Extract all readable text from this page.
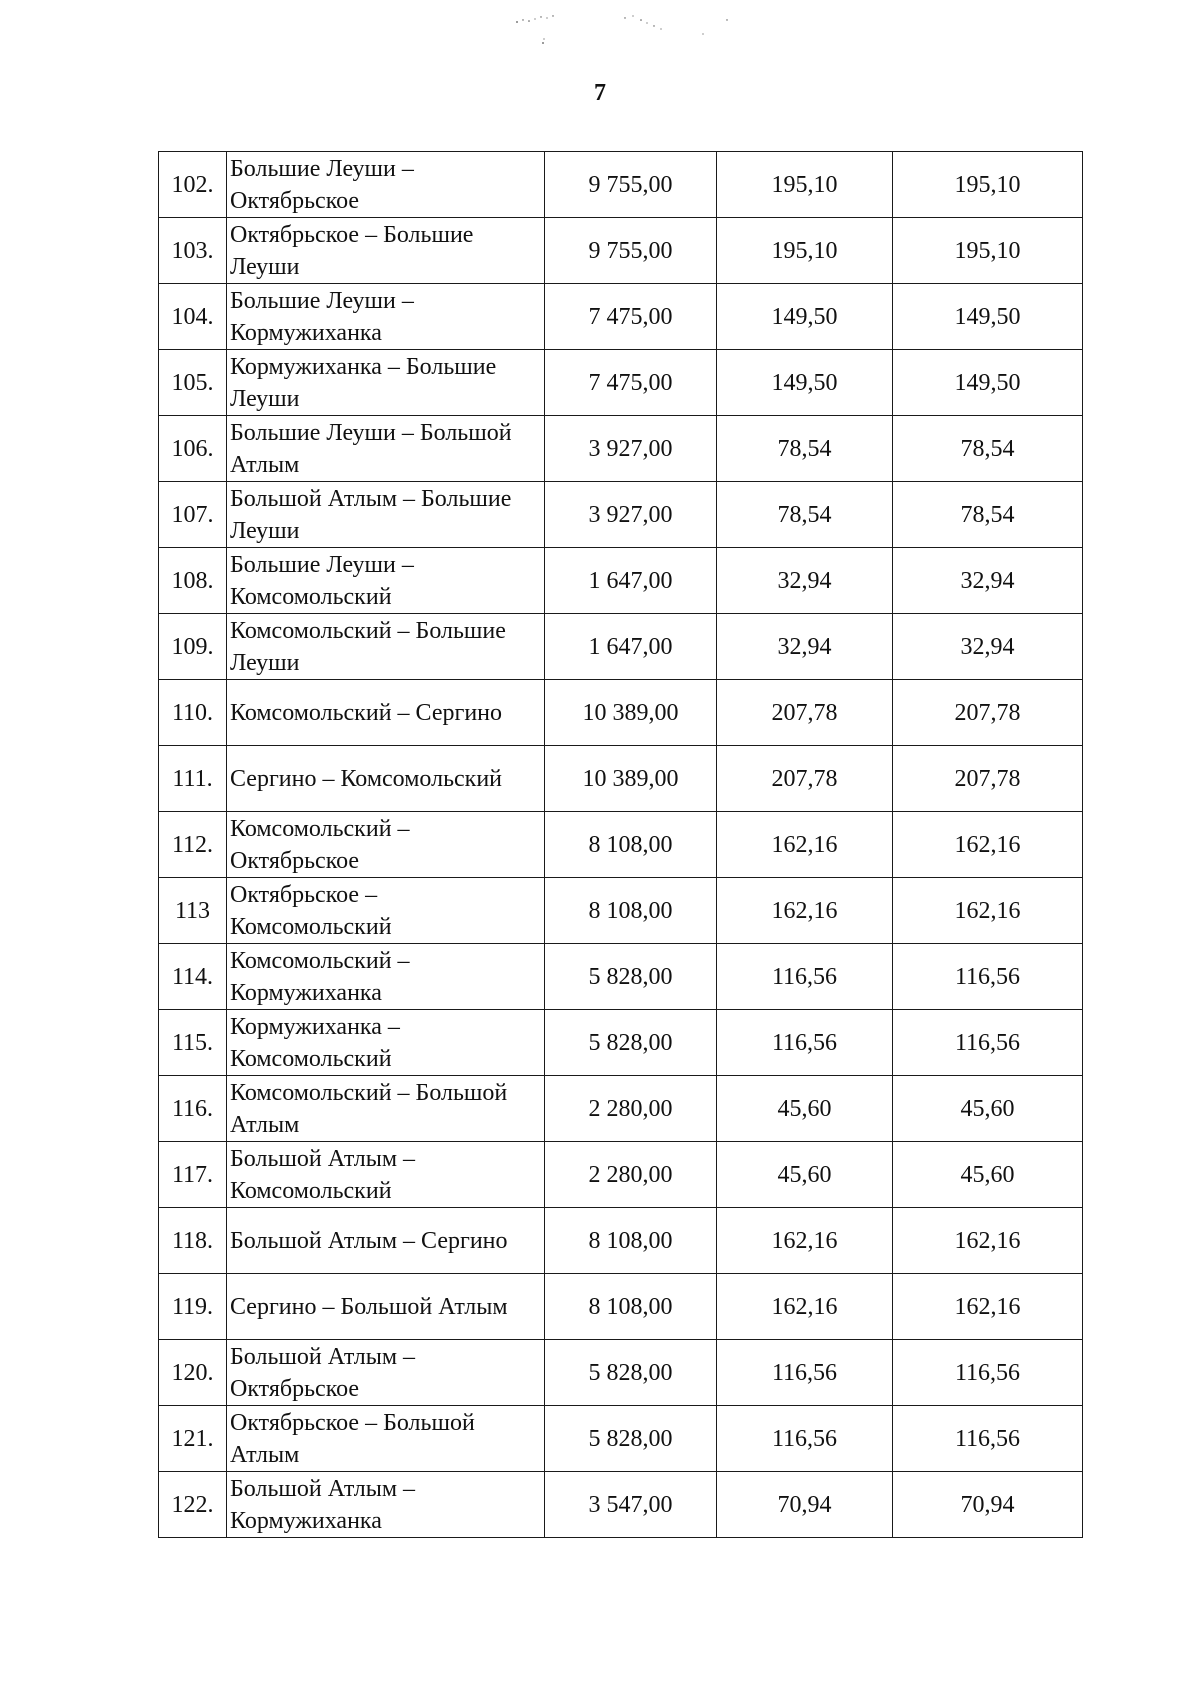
7
102.	Большие Леуши – Октябрьское	9 755,00	195,10	195,10
103.	Октябрьское – Большие Леуши	9 755,00	195,10	195,10
104.	Большие Леуши – Кормужиханка	7 475,00	149,50	149,50
105.	Кормужиханка – Большие Леуши	7 475,00	149,50	149,50
106.	Большие Леуши – Большой Атлым	3 927,00	78,54	78,54
107.	Большой Атлым – Большие Леуши	3 927,00	78,54	78,54
108.	Большие Леуши – Комсомольский	1 647,00	32,94	32,94
109.	Комсомольский – Большие Леуши	1 647,00	32,94	32,94
110.	Комсомольский – Сергино	10 389,00	207,78	207,78
111.	Сергино – Комсомольский	10 389,00	207,78	207,78
112.	Комсомольский – Октябрьское	8 108,00	162,16	162,16
113	Октябрьское – Комсомольский	8 108,00	162,16	162,16
114.	Комсомольский – Кормужиханка	5 828,00	116,56	116,56
115.	Кормужиханка – Комсомольский	5 828,00	116,56	116,56
116.	Комсомольский – Большой Атлым	2 280,00	45,60	45,60
117.	Большой Атлым – Комсомольский	2 280,00	45,60	45,60
118.	Большой Атлым – Сергино	8 108,00	162,16	162,16
119.	Сергино – Большой Атлым	8 108,00	162,16	162,16
120.	Большой Атлым – Октябрьское	5 828,00	116,56	116,56
121.	Октябрьское – Большой Атлым	5 828,00	116,56	116,56
122.	Большой Атлым – Кормужиханка	3 547,00	70,94	70,94
